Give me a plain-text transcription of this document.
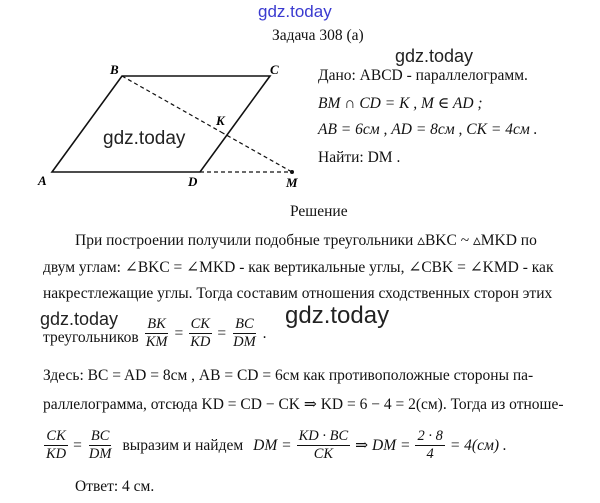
gdz.today
Задача 308 (а)
A
B	C
D
K
M
gdz.today
gdz.today
Дано: ABCD - параллелограмм.
BM ∩ CD = K , M ∈ AD ;
AB = 6см , AD = 8см , CK = 4см .
Найти: DM .
Решение
При построении получили подобные треугольники ▵BKC ~ ▵MKD по
двум углам: ∠BKC = ∠MKD - как вертикальные углы, ∠CBK = ∠KMD - как
накрестлежащие углы. Тогда составим отношения сходственных сторон этих
gdz.today	gdz.today
треугольников $\frac{BK}{KM} = \frac{CK}{KD} = \frac{BC}{DM}$ .
Здесь: BC = AD = 8см , AB = CD = 6см как противоположные стороны па-
раллелограмма, отсюда KD = CD − CK ⇒ KD = 6 − 4 = 2(см). Тогда из отноше-
$\frac{CK}{KD} = \frac{BC}{DM}$ выразим и найдем DM = $\frac{KD \cdot BC}{CK}$ ⇒ DM = $\frac{2 \cdot 8}{4} = 4(см)$ .
Ответ: 4 см.
